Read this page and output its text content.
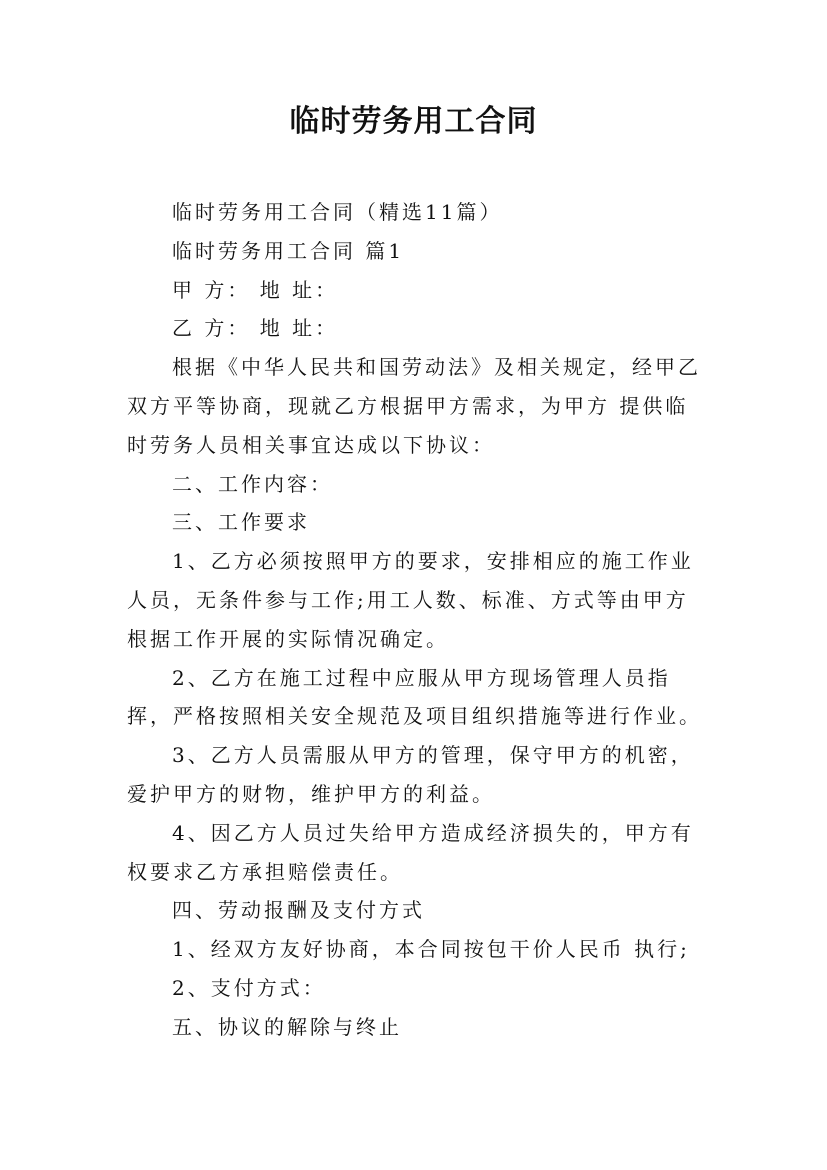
临时劳务用工合同

临时劳务用工合同（精选11篇）

临时劳务用工合同 篇1

甲 方： 地 址：

乙 方： 地 址：

根据《中华人民共和国劳动法》及相关规定，经甲乙双方平等协商，现就乙方根据甲方需求，为甲方 提供临时劳务人员相关事宜达成以下协议：

二、工作内容：

三、工作要求

1、乙方必须按照甲方的要求，安排相应的施工作业人员，无条件参与工作;用工人数、标准、方式等由甲方根据工作开展的实际情况确定。

2、乙方在施工过程中应服从甲方现场管理人员指挥，严格按照相关安全规范及项目组织措施等进行作业。

3、乙方人员需服从甲方的管理，保守甲方的机密，爱护甲方的财物，维护甲方的利益。

4、因乙方人员过失给甲方造成经济损失的，甲方有权要求乙方承担赔偿责任。

四、劳动报酬及支付方式

1、经双方友好协商，本合同按包干价人民币 执行;

2、支付方式：

五、协议的解除与终止
